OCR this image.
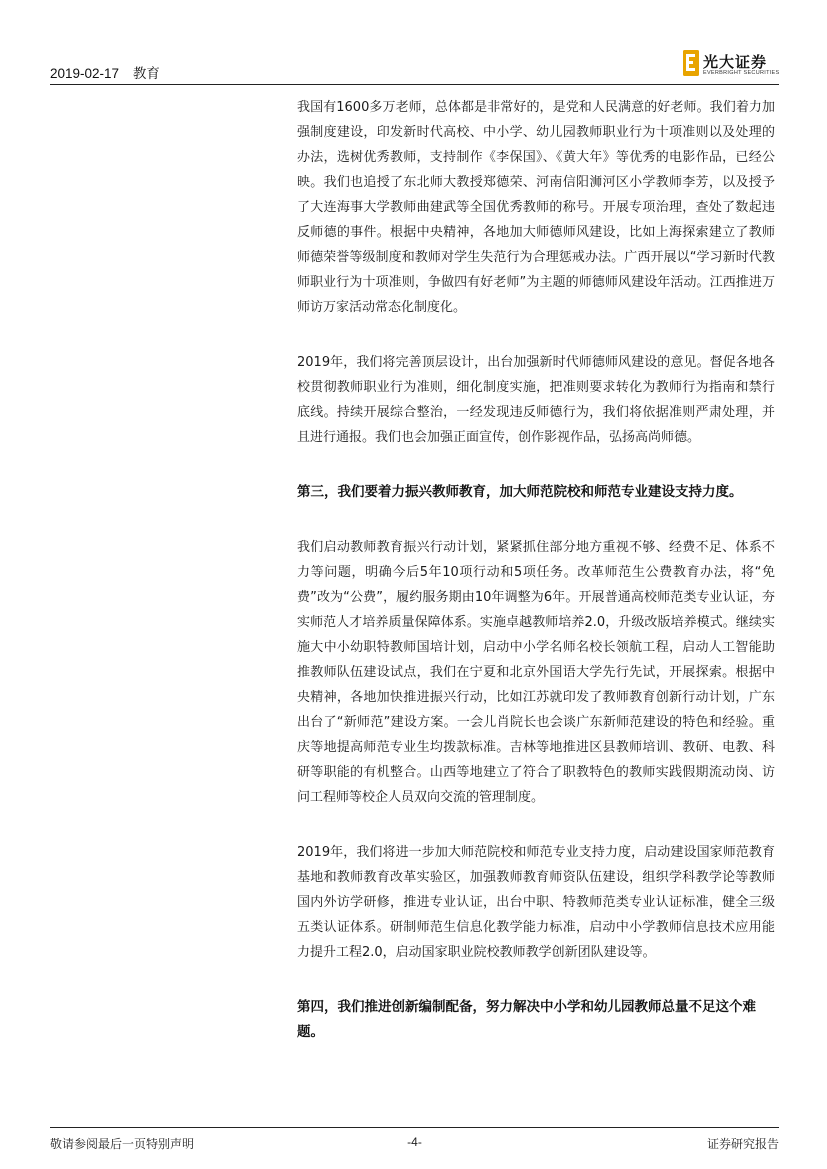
2019-02-17 教育
光大证券
EVERBRIGHT SECURITIES

我国有1600多万老师，总体都是非常好的，是党和人民满意的好老师。我们着力加强制度建设，印发新时代高校、中小学、幼儿园教师职业行为十项准则以及处理的办法，选树优秀教师，支持制作《李保国》、《黄大年》等优秀的电影作品，已经公映。我们也追授了东北师大教授郑德荣、河南信阳浉河区小学教师李芳，以及授予了大连海事大学教师曲建武等全国优秀教师的称号。开展专项治理，查处了数起违反师德的事件。根据中央精神，各地加大师德师风建设，比如上海探索建立了教师师德荣誉等级制度和教师对学生失范行为合理惩戒办法。广西开展以“学习新时代教师职业行为十项准则，争做四有好老师”为主题的师德师风建设年活动。江西推进万师访万家活动常态化制度化。

2019年，我们将完善顶层设计，出台加强新时代师德师风建设的意见。督促各地各校贯彻教师职业行为准则，细化制度实施，把准则要求转化为教师行为指南和禁行底线。持续开展综合整治，一经发现违反师德行为，我们将依据准则严肃处理，并且进行通报。我们也会加强正面宣传，创作影视作品，弘扬高尚师德。

第三，我们要着力振兴教师教育，加大师范院校和师范专业建设支持力度。

我们启动教师教育振兴行动计划，紧紧抓住部分地方重视不够、经费不足、体系不力等问题，明确今后5年10项行动和5项任务。改革师范生公费教育办法，将“免费”改为“公费”，履约服务期由10年调整为6年。开展普通高校师范类专业认证，夯实师范人才培养质量保障体系。实施卓越教师培养2.0，升级改版培养模式。继续实施大中小幼职特教师国培计划，启动中小学名师名校长领航工程，启动人工智能助推教师队伍建设试点，我们在宁夏和北京外国语大学先行先试，开展探索。根据中央精神，各地加快推进振兴行动，比如江苏就印发了教师教育创新行动计划，广东出台了“新师范”建设方案。一会儿肖院长也会谈广东新师范建设的特色和经验。重庆等地提高师范专业生均拨款标准。吉林等地推进区县教师培训、教研、电教、科研等职能的有机整合。山西等地建立了符合了职教特色的教师实践假期流动岗、访问工程师等校企人员双向交流的管理制度。

2019年，我们将进一步加大师范院校和师范专业支持力度，启动建设国家师范教育基地和教师教育改革实验区，加强教师教育师资队伍建设，组织学科教学论等教师国内外访学研修，推进专业认证，出台中职、特教师范类专业认证标准，健全三级五类认证体系。研制师范生信息化教学能力标准，启动中小学教师信息技术应用能力提升工程2.0，启动国家职业院校教师教学创新团队建设等。

第四，我们推进创新编制配备，努力解决中小学和幼儿园教师总量不足这个难题。

敬请参阅最后一页特别声明	-4-	证券研究报告
